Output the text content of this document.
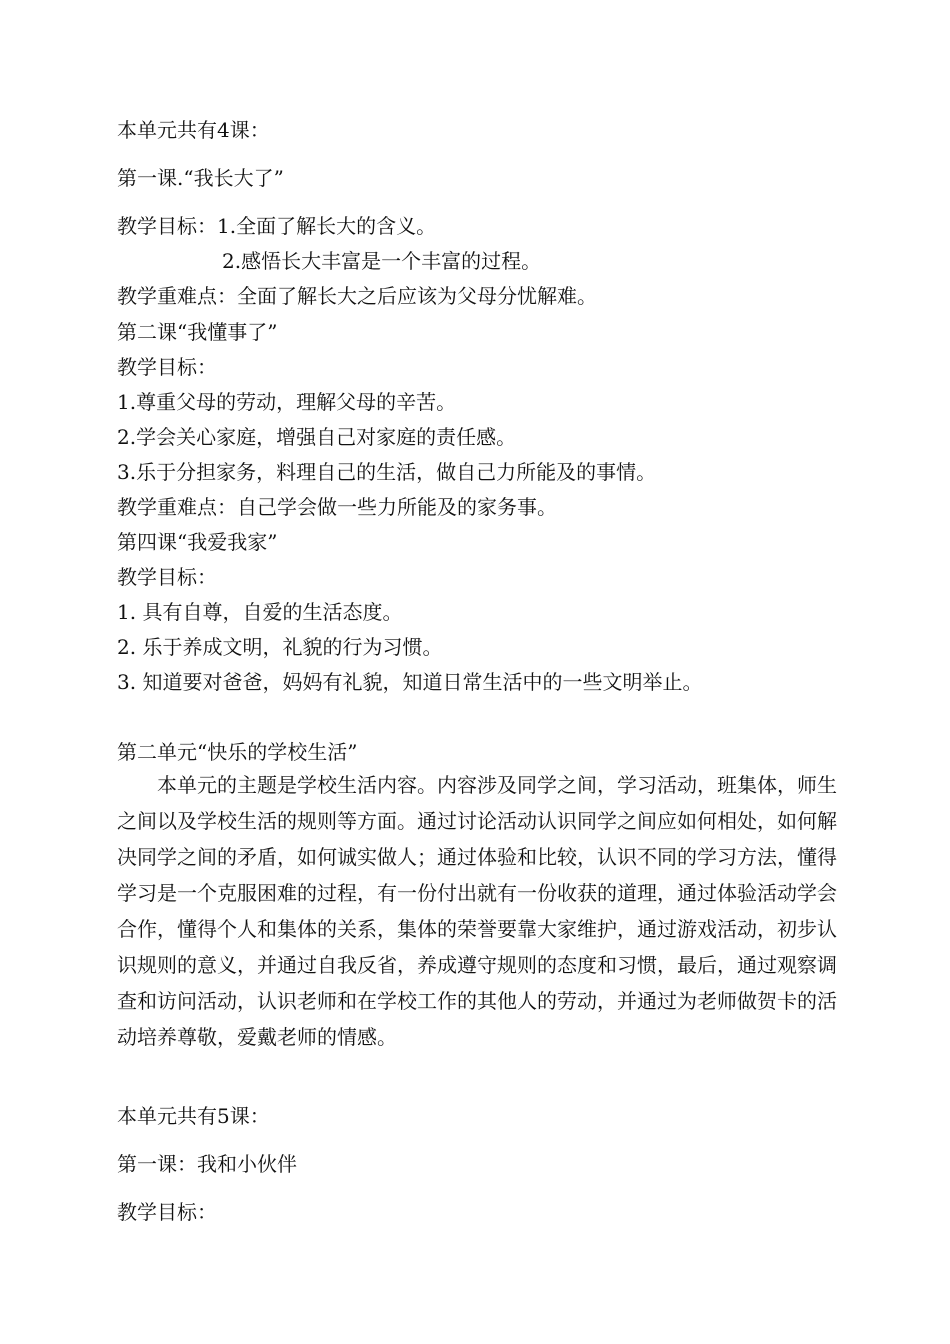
本单元共有4课：
第一课.“我长大了”
教学目标：1.全面了解长大的含义。
2.感悟长大丰富是一个丰富的过程。
教学重难点：全面了解长大之后应该为父母分忧解难。
第二课“我懂事了”
教学目标：
1.尊重父母的劳动，理解父母的辛苦。
2.学会关心家庭，增强自己对家庭的责任感。
3.乐于分担家务，料理自己的生活，做自己力所能及的事情。
教学重难点：自己学会做一些力所能及的家务事。
第四课“我爱我家”
教学目标：
1. 具有自尊，自爱的生活态度。
2. 乐于养成文明，礼貌的行为习惯。
3. 知道要对爸爸，妈妈有礼貌，知道日常生活中的一些文明举止。
第二单元“快乐的学校生活”
本单元的主题是学校生活内容。内容涉及同学之间，学习活动，班集体，师生之间以及学校生活的规则等方面。通过讨论活动认识同学之间应如何相处，如何解决同学之间的矛盾，如何诚实做人；通过体验和比较，认识不同的学习方法，懂得学习是一个克服困难的过程，有一份付出就有一份收获的道理，通过体验活动学会合作，懂得个人和集体的关系，集体的荣誉要靠大家维护，通过游戏活动，初步认识规则的意义，并通过自我反省，养成遵守规则的态度和习惯，最后，通过观察调查和访问活动，认识老师和在学校工作的其他人的劳动，并通过为老师做贺卡的活动培养尊敬，爱戴老师的情感。
本单元共有5课：
第一课：我和小伙伴
教学目标：
